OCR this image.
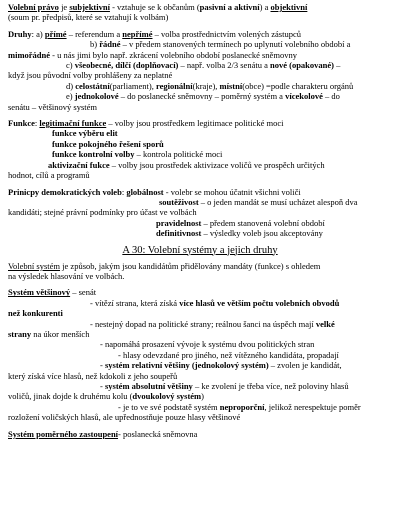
Volební právo je subjektivní - vztahuje se k občanům (pasivní a aktivní) a objektivní

(soum pr. předpisů, které se vztahují k volbám)

Druhy: a) přímé – referendum a nepřímé – volba prostřednictvím volených zástupců

b) řádné – v předem stanovených termínech po uplynutí volebního období a

mimořádné - u nás jimi bylo např. zkrácení volebního období poslanecké sněmovny

c) všeobecné, dílčí (doplňovací) – např. volba 2/3 senátu a nové (opakované) –

když jsou původní volby prohlášeny za neplatné

d) celostátní(parliament), regionální(kraje), místní(obce) =podle charakteru orgánů

e) jednokolové – do poslanecké sněmovny – poměrný systém a vícekolové – do

senátu – většinový systém

Funkce: legitimační funkce – volby jsou prostředkem legitimace politické moci

funkce výběru elit

funkce pokojného řešení sporů

funkce kontrolní volby – kontrola politické moci

aktivizační fukce – volby jsou prostředek aktivizace voličů ve prospěch určitých

hodnot, cílů a programů

Prinicpy demokratických voleb: globálnost - volebr se mohou účatnit všichni voliči

soutěživost – o jeden mandát se musí ucházet alespoň dva

kandidáti; stejné právní podmínky pro účast ve volbách

pravidelnost – předem stanovená volební období

definitivnost – výsledky voleb jsou akceptovány

A 30: Volební systémy a jejich druhy

Volební systém je způsob, jakým jsou kandidátům přidělovány mandáty (funkce) s ohledem

na výsledek hlasování ve volbách.

Systém většinový – senát

- vítězí strana, která získá více hlasů ve větším počtu volebních obvodů

než konkurenti

- nestejný dopad na politické strany; reálnou šanci na úspěch mají velké

strany na úkor menších

- napomáhá prosazení vývoje k systému dvou politických stran

- hlasy odevzdané pro jiného, než vítězného kandidáta, propadají

- systém relativní většiny (jednokolový systém) – zvolen je kandidát,

který získá více hlasů, než kdokoli z jeho soupeřů

- systém absolutní většiny – ke zvolení je třeba více, než poloviny hlasů

voličů, jinak dojde k druhému kolu (dvoukolový systém)

- je to ve své podstatě systém neproporční, jelikož nerespektuje poměr

rozložení voličských hlasů, ale upřednostňuje pouze hlasy většinové

Systém poměrného zastoupení- poslanecká sněmovna
